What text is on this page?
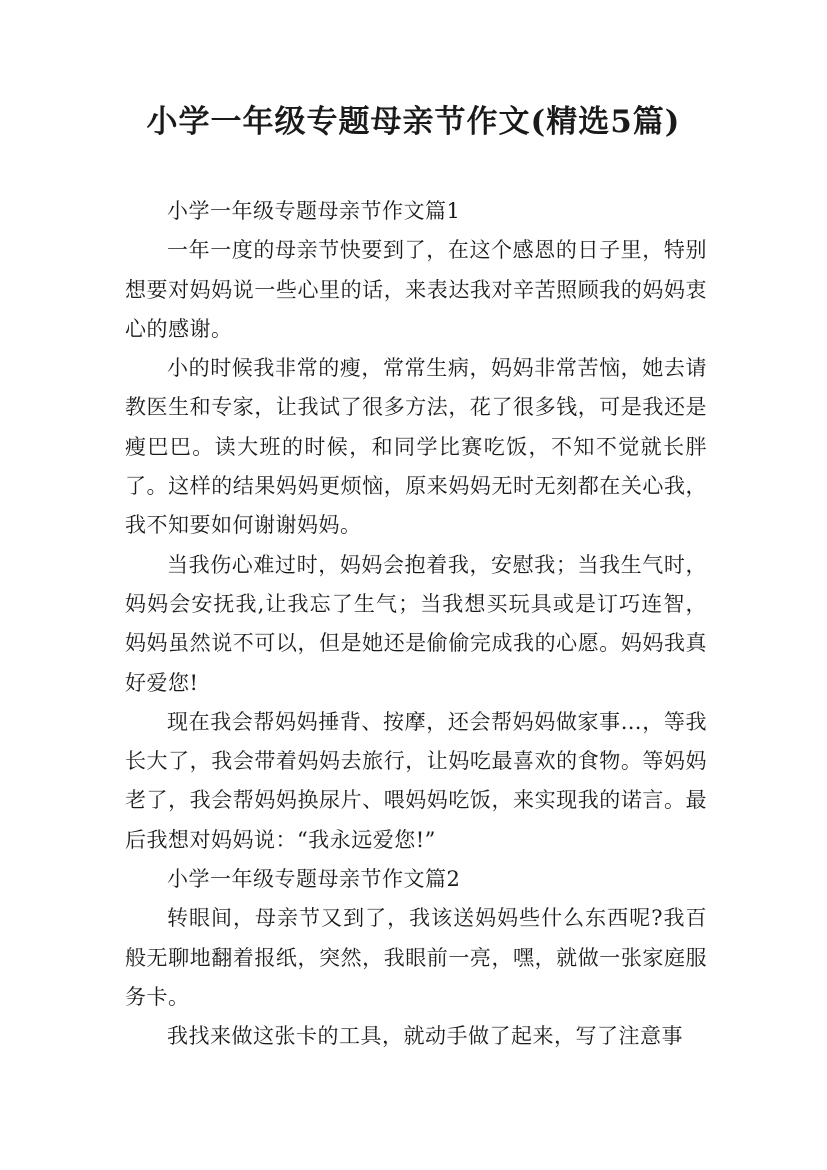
小学一年级专题母亲节作文(精选5篇)

小学一年级专题母亲节作文篇1

一年一度的母亲节快要到了，在这个感恩的日子里，特别想要对妈妈说一些心里的话，来表达我对辛苦照顾我的妈妈衷心的感谢。

小的时候我非常的瘦，常常生病，妈妈非常苦恼，她去请教医生和专家，让我试了很多方法，花了很多钱，可是我还是瘦巴巴。读大班的时候，和同学比赛吃饭，不知不觉就长胖了。这样的结果妈妈更烦恼，原来妈妈无时无刻都在关心我，我不知要如何谢谢妈妈。

当我伤心难过时，妈妈会抱着我，安慰我；当我生气时，妈妈会安抚我,让我忘了生气；当我想买玩具或是订巧连智，妈妈虽然说不可以，但是她还是偷偷完成我的心愿。妈妈我真好爱您!

现在我会帮妈妈捶背、按摩，还会帮妈妈做家事…，等我长大了，我会带着妈妈去旅行，让妈吃最喜欢的食物。等妈妈老了，我会帮妈妈换尿片、喂妈妈吃饭，来实现我的诺言。最后我想对妈妈说：“我永远爱您!”

小学一年级专题母亲节作文篇2

转眼间，母亲节又到了，我该送妈妈些什么东西呢?我百般无聊地翻着报纸，突然，我眼前一亮，嘿，就做一张家庭服务卡。

我找来做这张卡的工具，就动手做了起来，写了注意事
